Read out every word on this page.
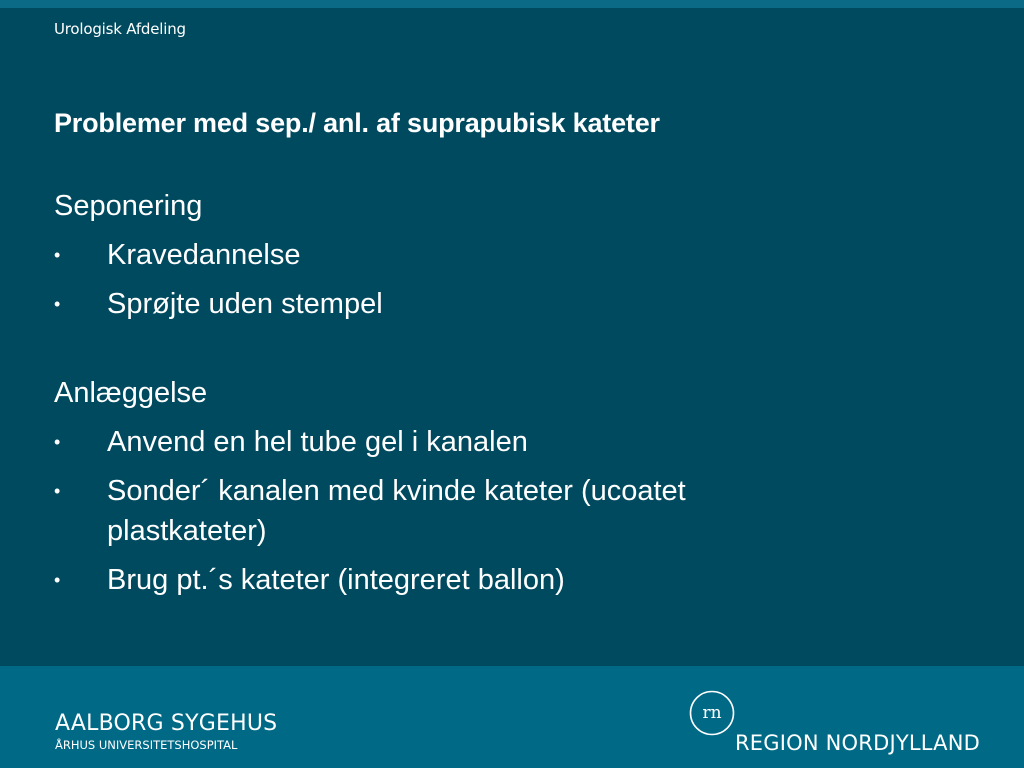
Urologisk Afdeling
Problemer med sep./ anl. af suprapubisk kateter
Seponering
• Kravedannelse
• Sprøjte uden stempel
Anlæggelse
• Anvend en hel tube gel i kanalen
• Sonder´ kanalen med kvinde kateter (ucoatet plastkateter)
• Brug pt.´s kateter (integreret ballon)
AALBORG SYGEHUS
ÅRHUS UNIVERSITETSHOSPITAL
rn
REGION NORDJYLLAND
